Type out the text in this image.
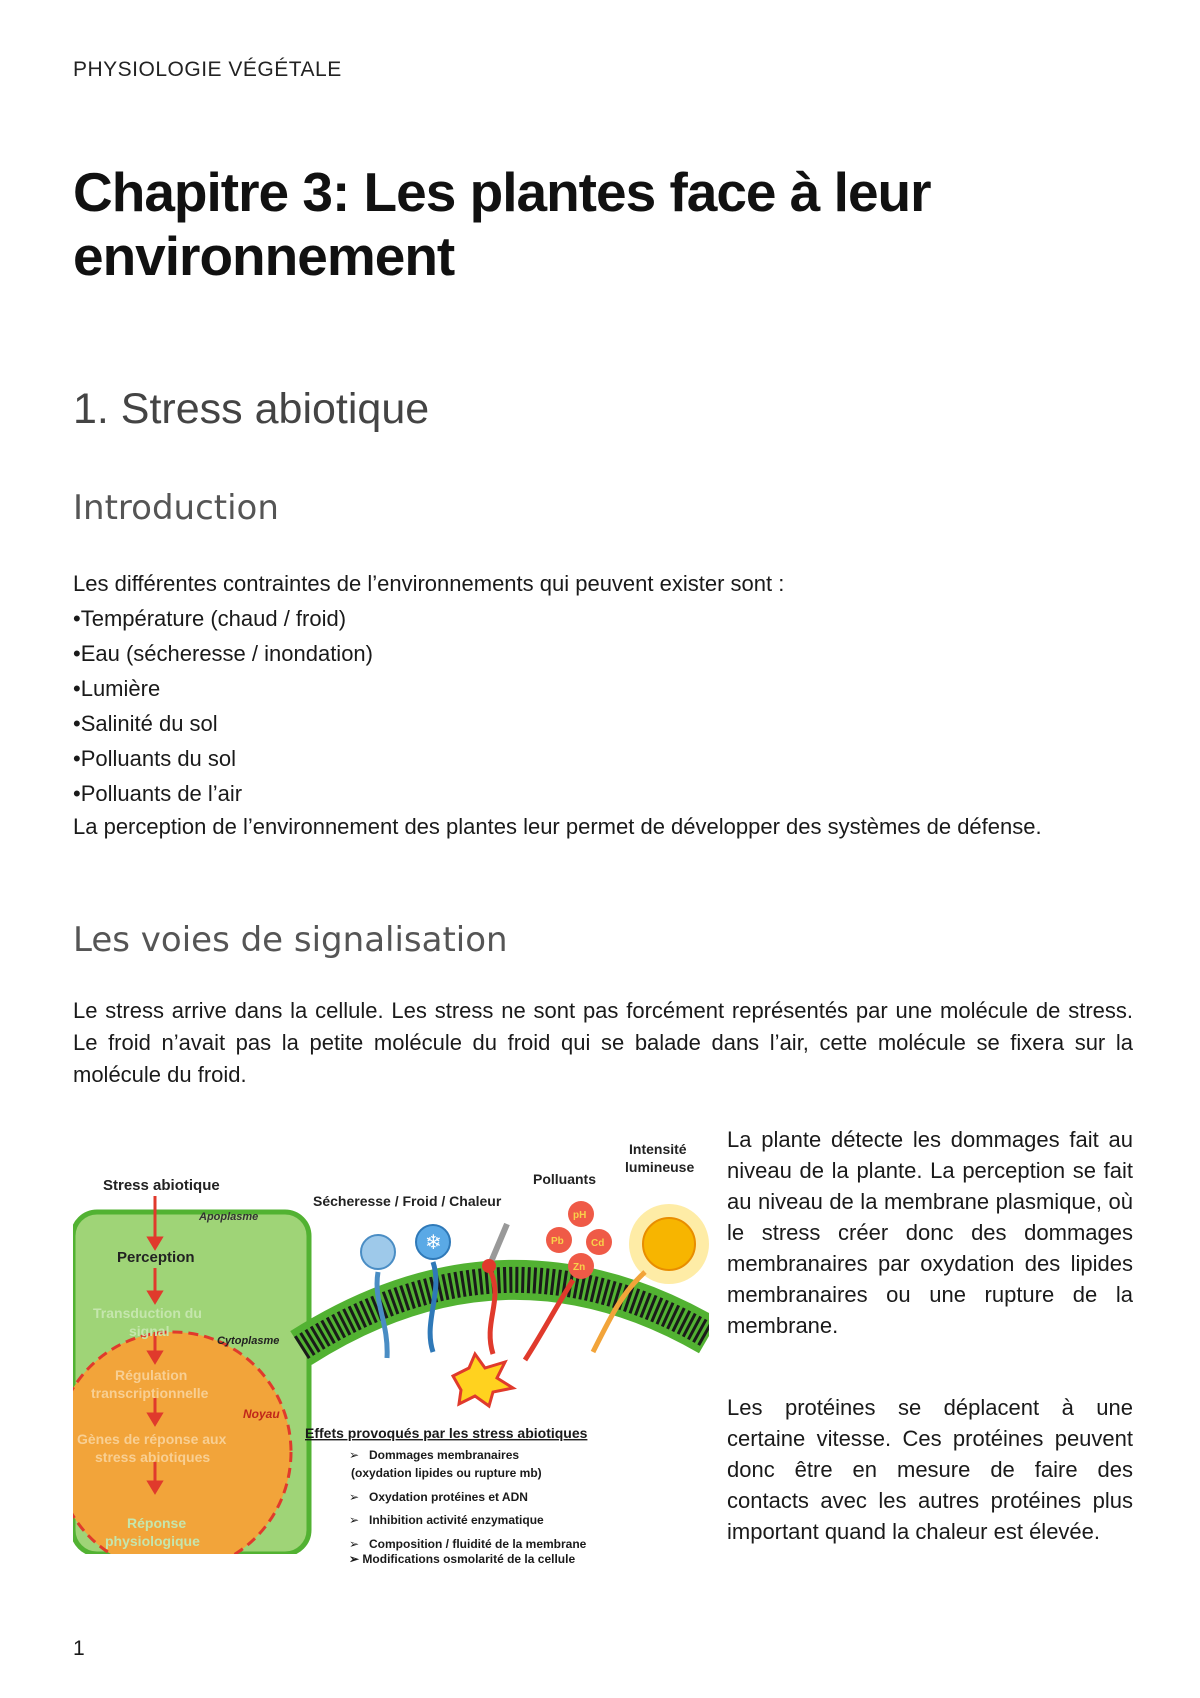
PHYSIOLOGIE VÉGÉTALE
Chapitre 3: Les plantes face à leur environnement
1. Stress abiotique
Introduction

Les différentes contraintes de l’environnements qui peuvent exister sont :

• Température (chaud / froid)
• Eau (sécheresse / inondation)
• Lumière
• Salinité du sol
• Polluants du sol
• Polluants de l’air

La perception de l’environnement des plantes leur permet de développer des systèmes de défense.

Les voies de signalisation

Le stress arrive dans la cellule. Les stress ne sont pas forcément représentés par une molécule de stress. Le froid n’avait pas la petite molécule du froid qui se balade dans l’air, cette molécule se fixera sur la molécule du froid.

Stress abiotique
Apoplasme
Perception
Transduction du
signal
Cytoplasme
Régulation
transcriptionnelle
Noyau
Gènes de réponse aux
stress abiotiques
Réponse
physiologique
Sécheresse / Froid / Chaleur
Polluants
Intensité
lumineuse
❄
pH
Pb	Cd
Zn
Effets provoqués par les stress abiotiques
➢ Dommages membranaires
(oxydation lipides ou rupture mb)
➢ Oxydation protéines et ADN
➢ Inhibition activité enzymatique
➢ Composition / fluidité de la membrane
➢ Modifications osmolarité de la cellule

La plante détecte les dommages fait au niveau de la plante. La perception se fait au niveau de la membrane plasmique, où le stress créer donc des dommages membranaires par oxydation des lipides membranaires ou une rupture de la membrane.

Les protéines se déplacent à une certaine vitesse. Ces protéines peuvent donc être en mesure de faire des contacts avec les autres protéines plus important quand la chaleur est élevée.

1
